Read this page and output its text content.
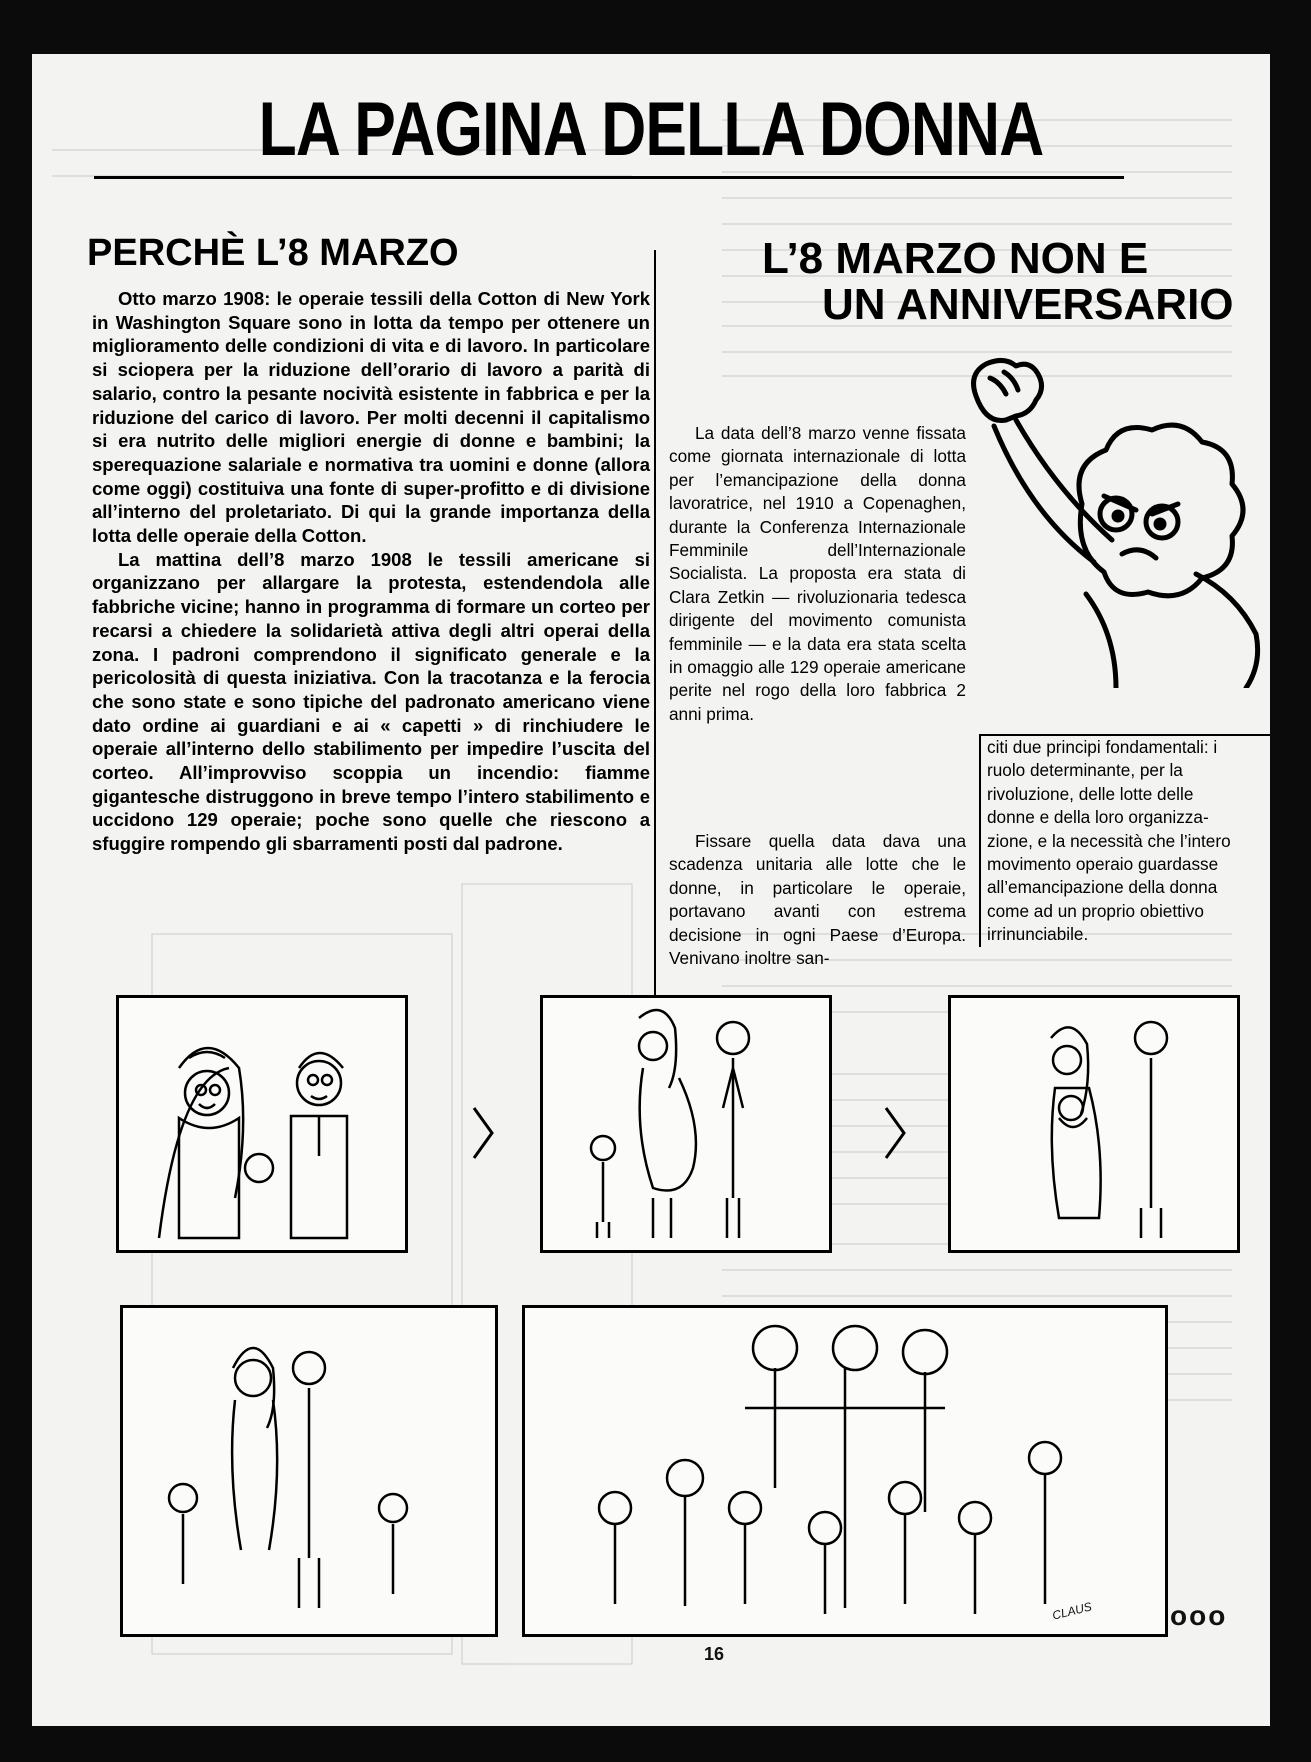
LA PAGINA DELLA DONNA
PERCHÈ L’8 MARZO

Otto marzo 1908: le operaie tessili della Cotton di New York in Washington Square sono in lotta da tempo per ottenere un miglioramento delle condizioni di vita e di lavoro. In particolare si sciopera per la riduzione dell’orario di lavoro a parità di salario, contro la pesante nocività esistente in fabbrica e per la riduzione del carico di lavoro. Per molti decenni il capitalismo si era nutrito delle migliori energie di donne e bambini; la sperequazione salariale e normativa tra uomini e donne (allora come oggi) costituiva una fonte di super-profitto e di divisione all’interno del proletariato. Di qui la grande importanza della lotta delle operaie della Cotton.

La mattina dell’8 marzo 1908 le tessili americane si organizzano per allargare la protesta, estendendola alle fabbriche vicine; hanno in programma di formare un corteo per recarsi a chiedere la solidarietà attiva degli altri operai della zona. I padroni comprendono il significato generale e la pericolosità di questa iniziativa. Con la tracotanza e la ferocia che sono state e sono tipiche del padronato americano viene dato ordine ai guardiani e ai « capetti » di rinchiudere le operaie all’interno dello stabilimento per impedire l’uscita del corteo. All’improvviso scoppia un incendio: fiamme gigantesche distruggono in breve tempo l’intero stabilimento e uccidono 129 operaie; poche sono quelle che riescono a sfuggire rompendo gli sbarramenti posti dal padrone.

L’8 MARZO NON E
UN ANNIVERSARIO

La data dell’8 marzo venne fissata come giornata internazionale di lotta per l’emancipazione della donna lavoratrice, nel 1910 a Copenaghen, durante la Conferenza Internazionale Femminile dell’Internazionale Socialista. La proposta era stata di Clara Zetkin — rivoluzionaria tedesca dirigente del movimento comunista femminile — e la data era stata scelta in omaggio alle 129 operaie americane perite nel rogo della loro fabbrica 2 anni prima.

Fissare quella data dava una scadenza unitaria alle lotte che le donne, in particolare le operaie, portavano avanti con estrema decisione in ogni Paese d’Europa. Venivano inoltre san-

citi due principi fondamentali: i

ruolo determinante, per la

rivoluzione, delle lotte delle

donne e della loro organizza-

zione, e la necessità che l’intero

movimento operaio guardasse

all’emancipazione della donna

come ad un proprio obiettivo

irrinunciabile.

CLAUS	ooo
16
